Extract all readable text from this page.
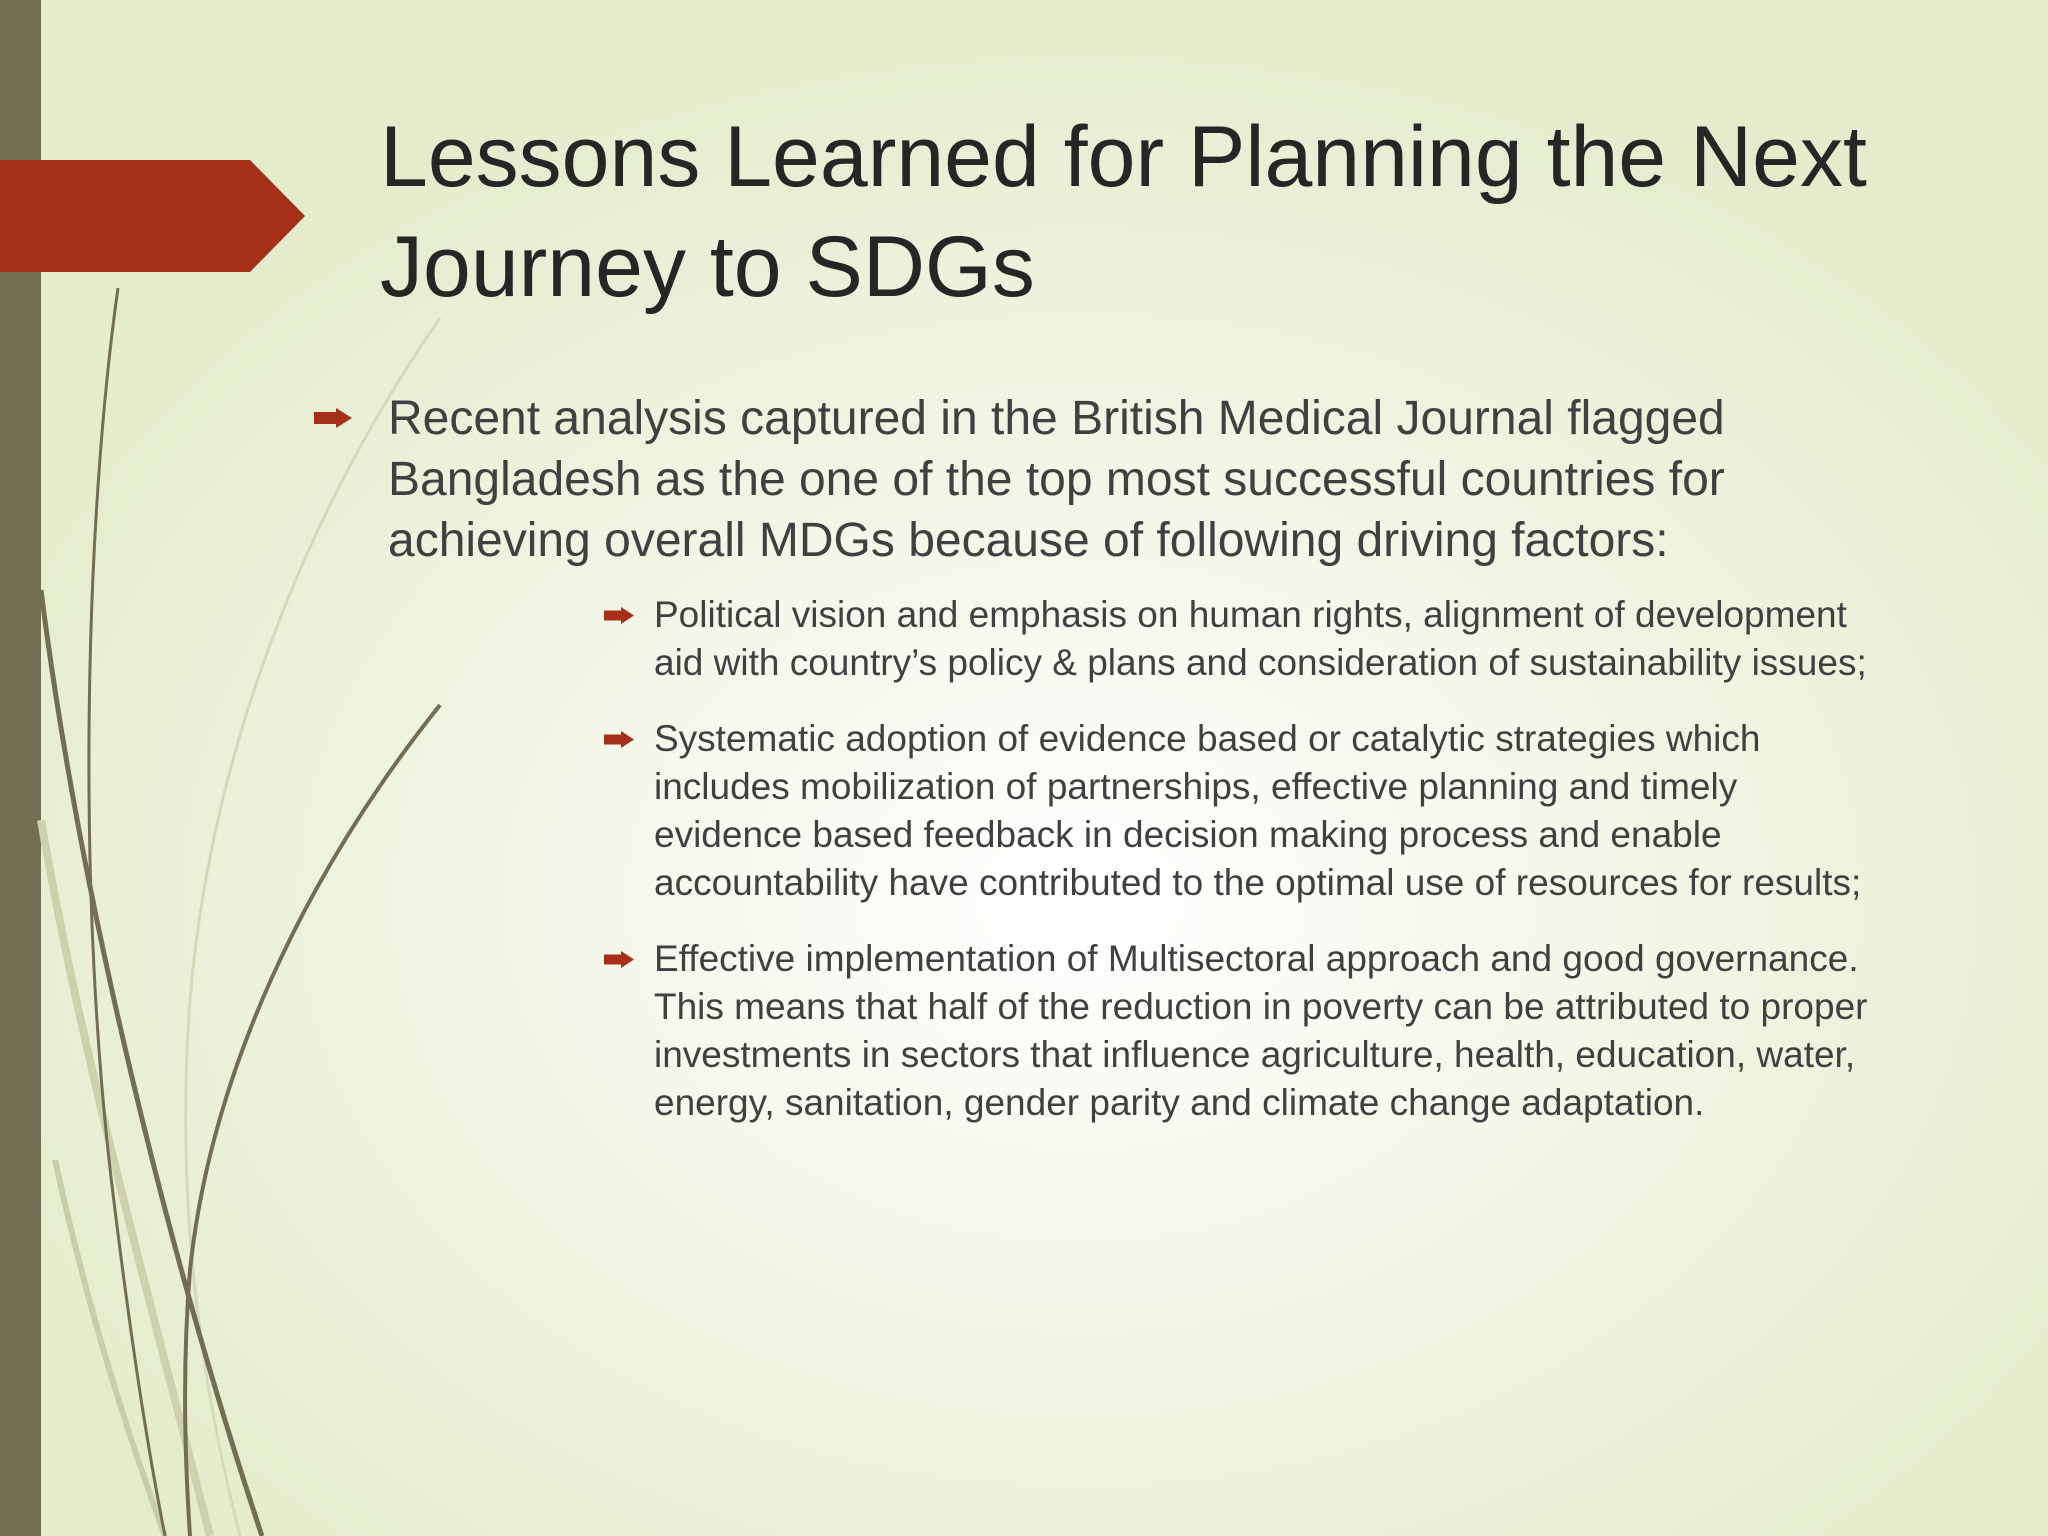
Lessons Learned for Planning the Next Journey to SDGs
Recent analysis captured in the British Medical Journal flagged Bangladesh as the one of the top most successful countries for achieving overall MDGs because of following driving factors:
Political vision and emphasis on human rights, alignment of development aid with country’s policy & plans and consideration of sustainability issues;
Systematic adoption of evidence based or catalytic strategies which includes mobilization of partnerships, effective planning and timely evidence based feedback in decision making process and enable accountability have contributed to the optimal use of resources for results;
Effective implementation of Multisectoral approach and good governance. This means that half of the reduction in poverty can be attributed to proper investments in sectors that influence agriculture, health, education, water, energy, sanitation, gender parity and climate change adaptation.
